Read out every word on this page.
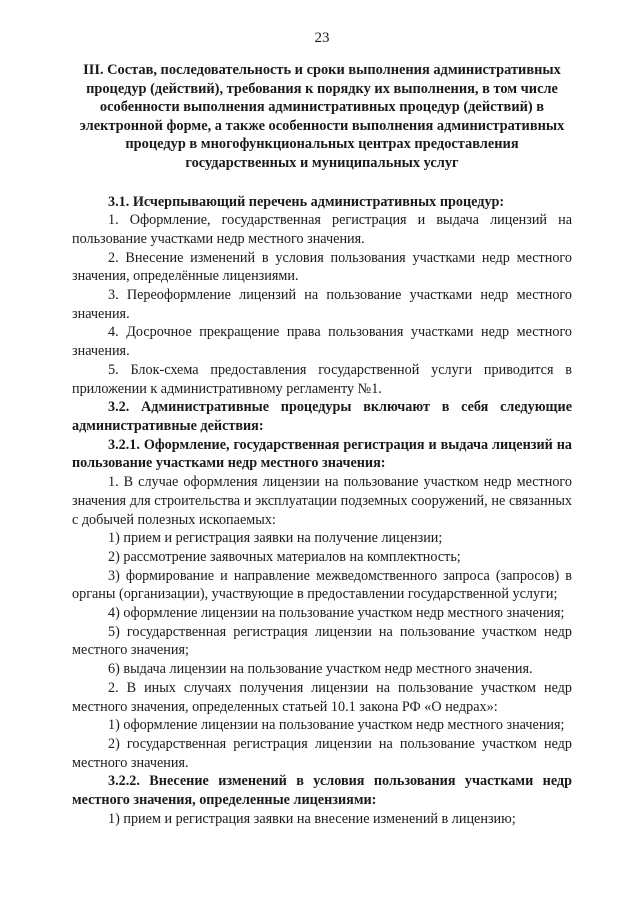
23
III. Состав, последовательность и сроки выполнения административных процедур (действий), требования к порядку их выполнения, в том числе особенности выполнения административных процедур (действий) в электронной форме, а также особенности выполнения административных процедур в многофункциональных центрах предоставления государственных и муниципальных услуг

3.1. Исчерпывающий перечень административных процедур:

1. Оформление, государственная регистрация и выдача лицензий на пользование участками недр местного значения.

2. Внесение изменений в условия пользования участками недр местного значения, определённые лицензиями.

3. Переоформление лицензий на пользование участками недр местного значения.

4. Досрочное прекращение права пользования участками недр местного значения.

5. Блок-схема предоставления государственной услуги приводится в приложении к административному регламенту №1.

3.2. Административные процедуры включают в себя следующие административные действия:

3.2.1. Оформление, государственная регистрация и выдача лицензий на пользование участками недр местного значения:

1. В случае оформления лицензии на пользование участком недр местного значения для строительства и эксплуатации подземных сооружений, не связанных с добычей полезных ископаемых:

1) прием и регистрация заявки на получение лицензии;

2) рассмотрение заявочных материалов на комплектность;

3) формирование и направление межведомственного запроса (запросов) в органы (организации), участвующие в предоставлении государственной услуги;

4) оформление лицензии на пользование участком недр местного значения;

5) государственная регистрация лицензии на пользование участком недр местного значения;

6) выдача лицензии на пользование участком недр местного значения.

2. В иных случаях получения лицензии на пользование участком недр местного значения, определенных статьей 10.1 закона РФ «О недрах»:

1) оформление лицензии на пользование участком недр местного значения;

2) государственная регистрация лицензии на пользование участком недр местного значения.

3.2.2. Внесение изменений в условия пользования участками недр местного значения, определенные лицензиями:

1) прием и регистрация заявки на внесение изменений в лицензию;
